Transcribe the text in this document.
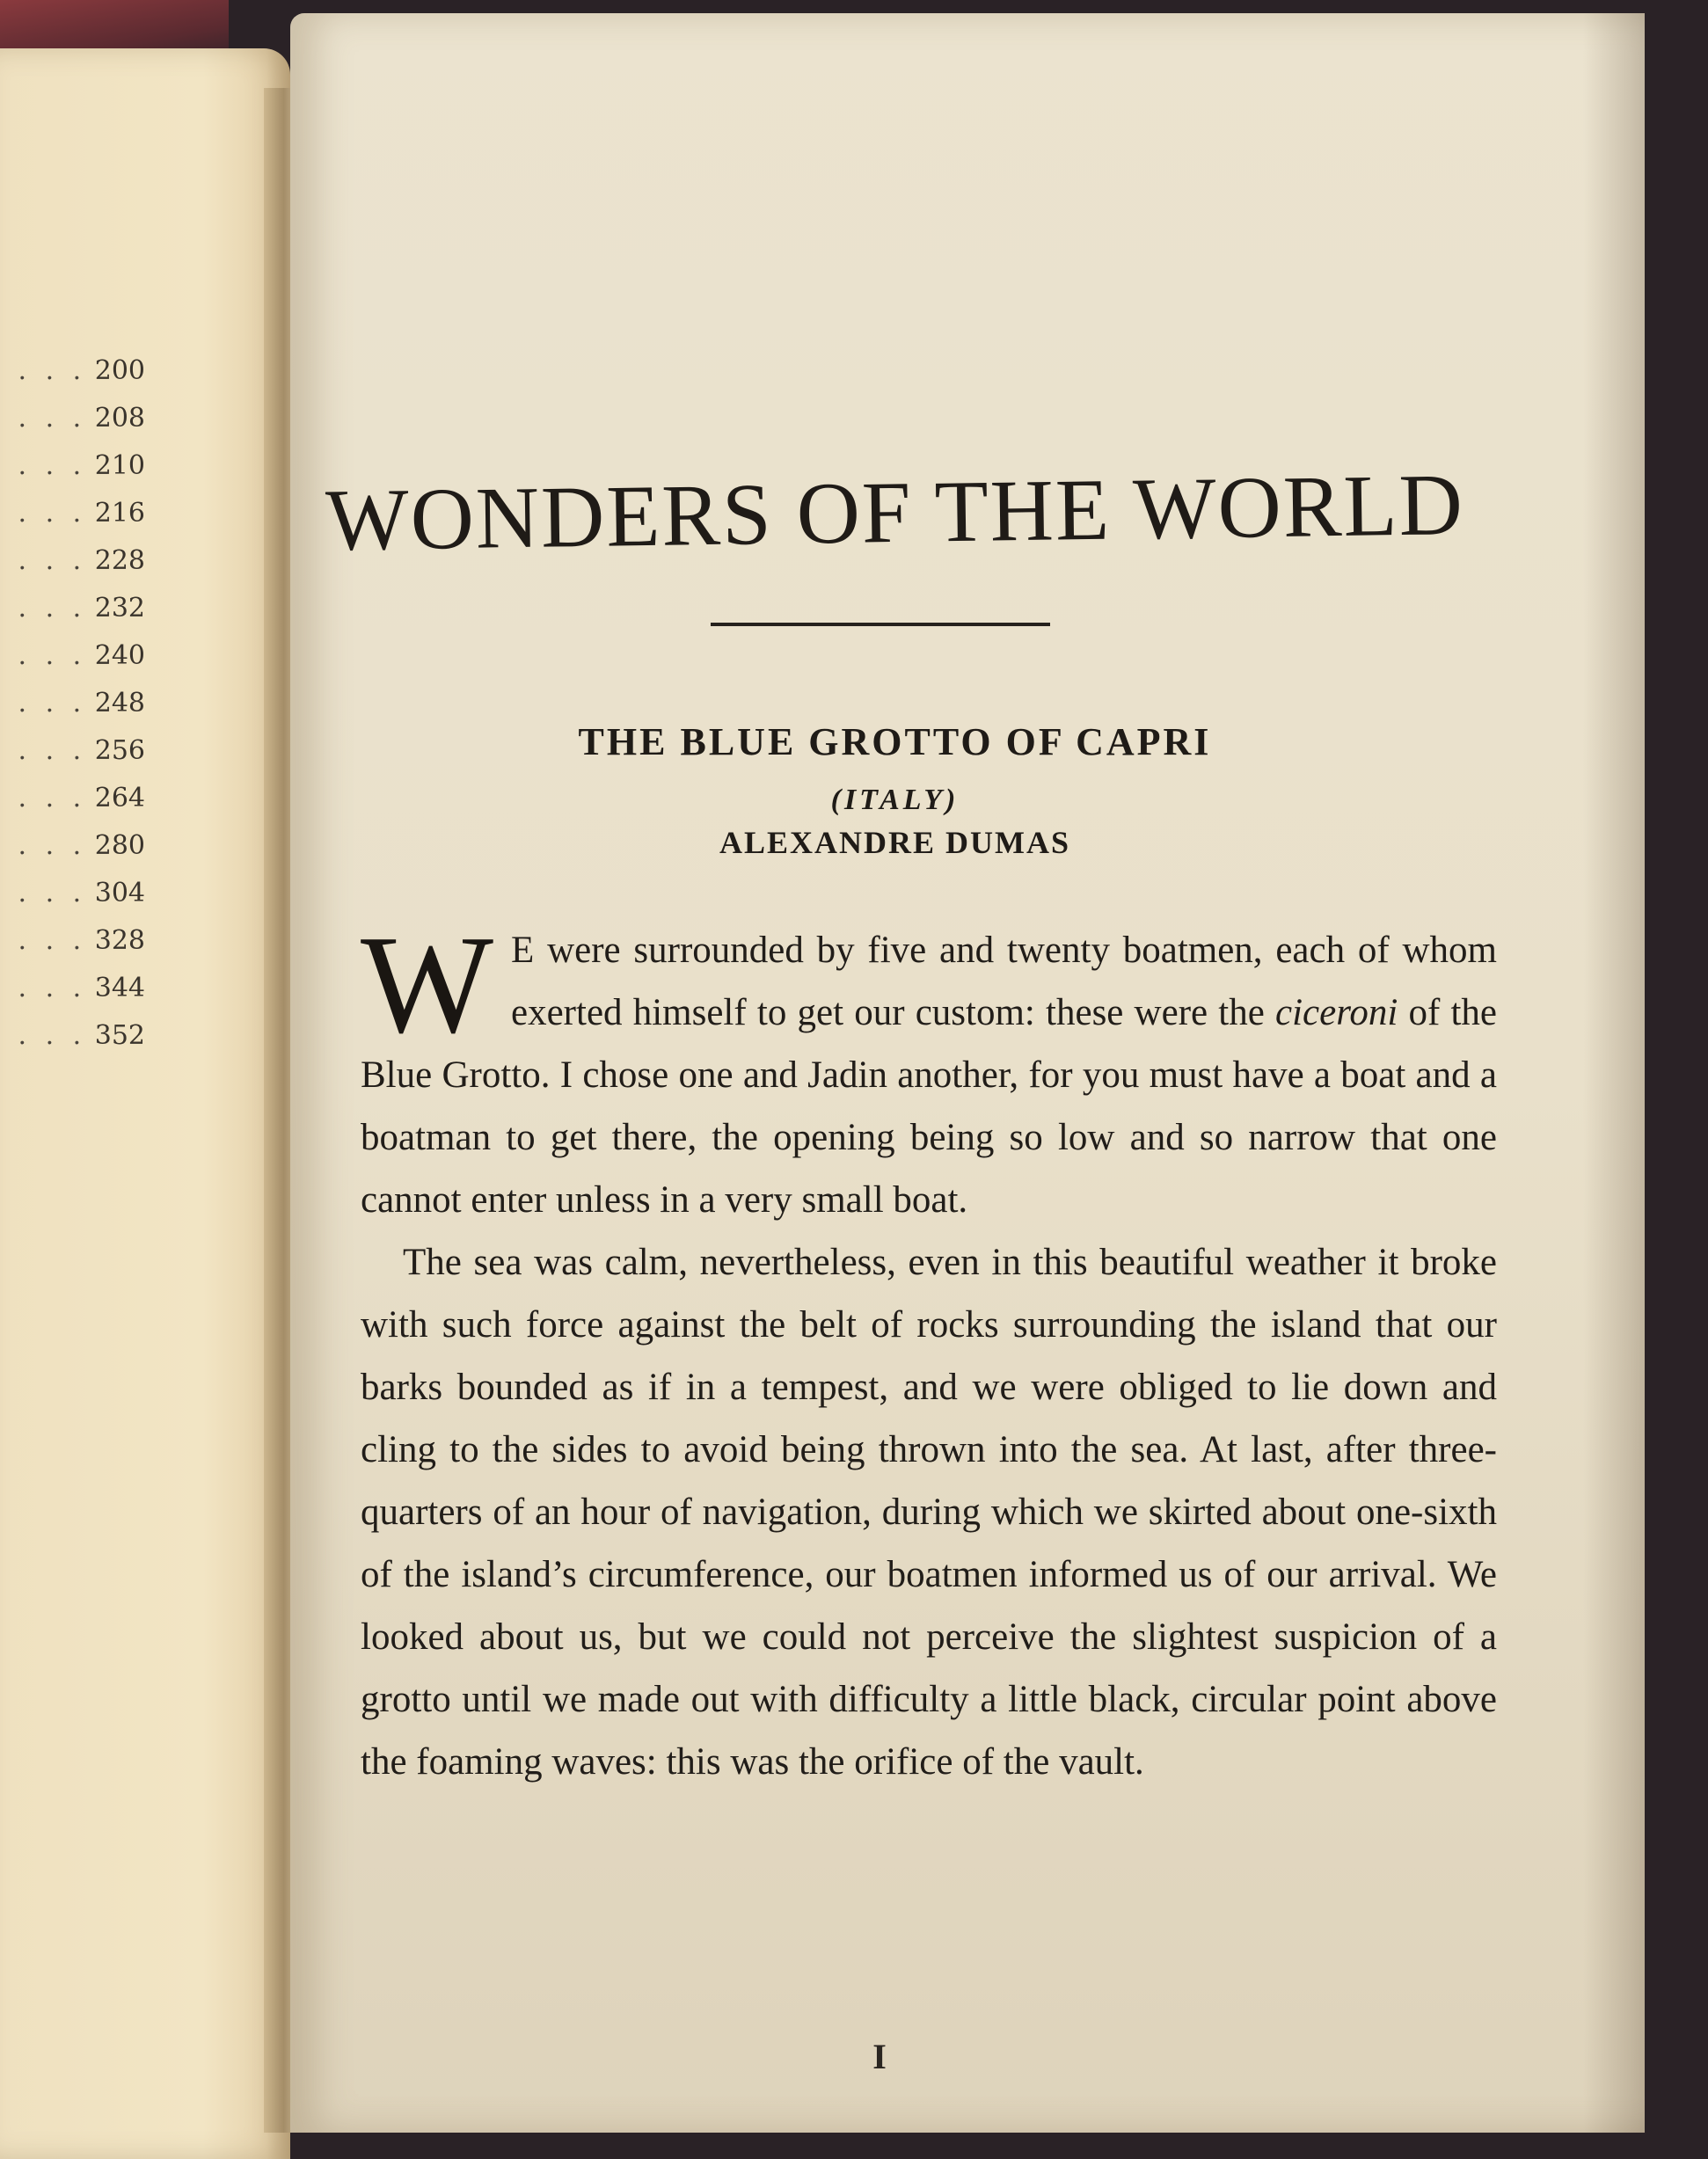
. . . 200
. . . 208
. . . 210
. . . 216
. . . 228
. . . 232
. . . 240
. . . 248
. . . 256
. . . 264
. . . 280
. . . 304
. . . 328
. . . 344
. . . 352
WONDERS OF THE WORLD
THE BLUE GROTTO OF CAPRI
(ITALY)
ALEXANDRE DUMAS

W E were surrounded by five and twenty boatmen, each of whom exerted himself to get our custom: these were the ciceroni of the Blue Grotto. I chose one and Jadin another, for you must have a boat and a boatman to get there, the opening being so low and so narrow that one cannot enter unless in a very small boat.

The sea was calm, nevertheless, even in this beautiful weather it broke with such force against the belt of rocks surrounding the island that our barks bounded as if in a tempest, and we were obliged to lie down and cling to the sides to avoid being thrown into the sea. At last, after three-quarters of an hour of navigation, during which we skirted about one-sixth of the island’s circumference, our boatmen informed us of our arrival. We looked about us, but we could not perceive the slightest suspicion of a grotto until we made out with difficulty a little black, circular point above the foaming waves: this was the orifice of the vault.

I
